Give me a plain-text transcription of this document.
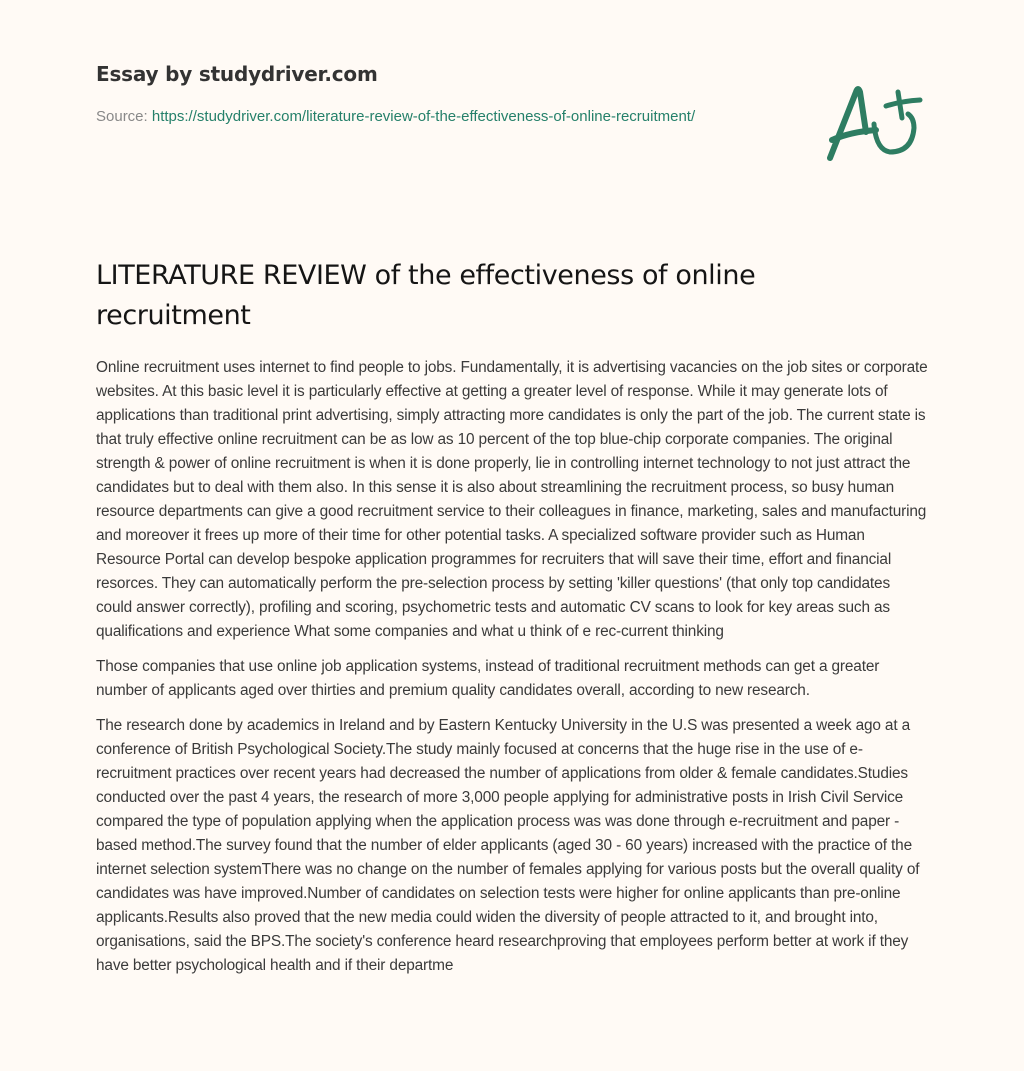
Essay by studydriver.com
Source: https://studydriver.com/literature-review-of-the-effectiveness-of-online-recruitment/
LITERATURE REVIEW of the effectiveness of online recruitment

Online recruitment uses internet to find people to jobs. Fundamentally, it is advertising vacancies on the job sites or corporate websites. At this basic level it is particularly effective at getting a greater level of response. While it may generate lots of applications than traditional print advertising, simply attracting more candidates is only the part of the job. The current state is that truly effective online recruitment can be as low as 10 percent of the top blue-chip corporate companies. The original strength & power of online recruitment is when it is done properly, lie in controlling internet technology to not just attract the candidates but to deal with them also. In this sense it is also about streamlining the recruitment process, so busy human resource departments can give a good recruitment service to their colleagues in finance, marketing, sales and manufacturing and moreover it frees up more of their time for other potential tasks. A specialized software provider such as Human Resource Portal can develop bespoke application programmes for recruiters that will save their time, effort and financial resorces. They can automatically perform the pre-selection process by setting 'killer questions' (that only top candidates could answer correctly), profiling and scoring, psychometric tests and automatic CV scans to look for key areas such as qualifications and experience What some companies and what u think of e rec-current thinking

Those companies that use online job application systems, instead of traditional recruitment methods can get a greater number of applicants aged over thirties and premium quality candidates overall, according to new research.

The research done by academics in Ireland and by Eastern Kentucky University in the U.S was presented a week ago at a conference of British Psychological Society.The study mainly focused at concerns that the huge rise in the use of e-recruitment practices over recent years had decreased the number of applications from older & female candidates.Studies conducted over the past 4 years, the research of more 3,000 people applying for administrative posts in Irish Civil Service compared the type of population applying when the application process was was done through e-recruitment and paper - based method.The survey found that the number of elder applicants (aged 30 - 60 years) increased with the practice of the internet selection systemThere was no change on the number of females applying for various posts but the overall quality of candidates was have improved.Number of candidates on selection tests were higher for online applicants than pre-online applicants.Results also proved that the new media could widen the diversity of people attracted to it, and brought into, organisations, said the BPS.The society's conference heard researchproving that employees perform better at work if they have better psychological health and if their departme
